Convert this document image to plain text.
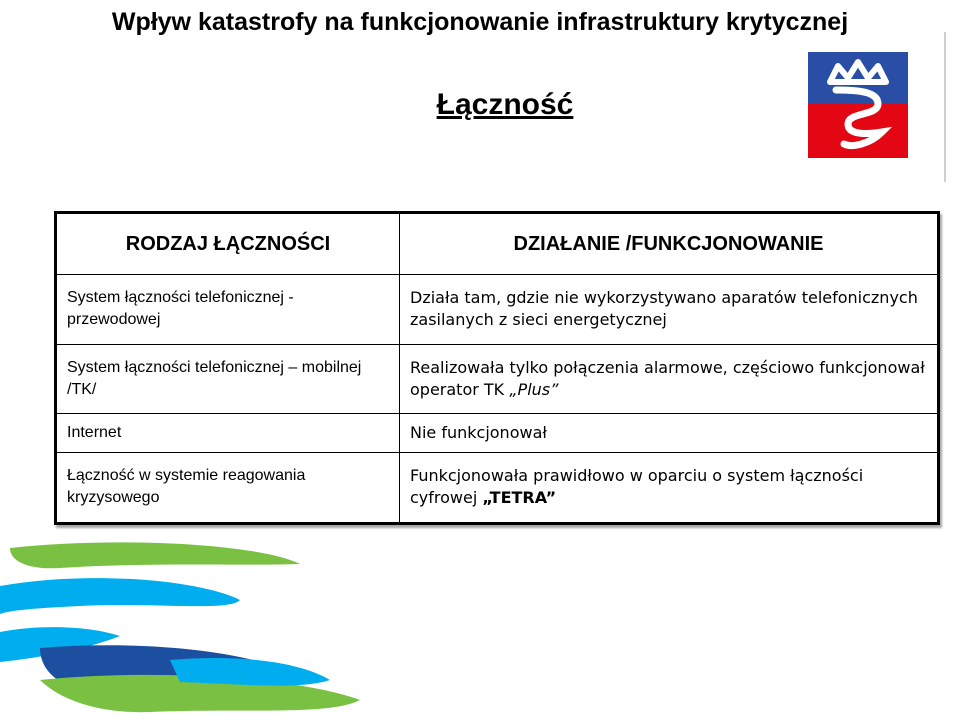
Wpływ katastrofy na funkcjonowanie infrastruktury krytycznej
Łączność
RODZAJ ŁĄCZNOŚCI	DZIAŁANIE /FUNKCJONOWANIE
System łączności telefonicznej - przewodowej	Działa tam, gdzie nie wykorzystywano aparatów telefonicznych zasilanych z sieci energetycznej
System łączności telefonicznej – mobilnej /TK/	Realizowała tylko połączenia alarmowe, częściowo funkcjonował operator TK „Plus”
Internet	Nie funkcjonował
Łączność w systemie reagowania kryzysowego	Funkcjonowała prawidłowo w oparciu o system łączności cyfrowej „TETRA”
